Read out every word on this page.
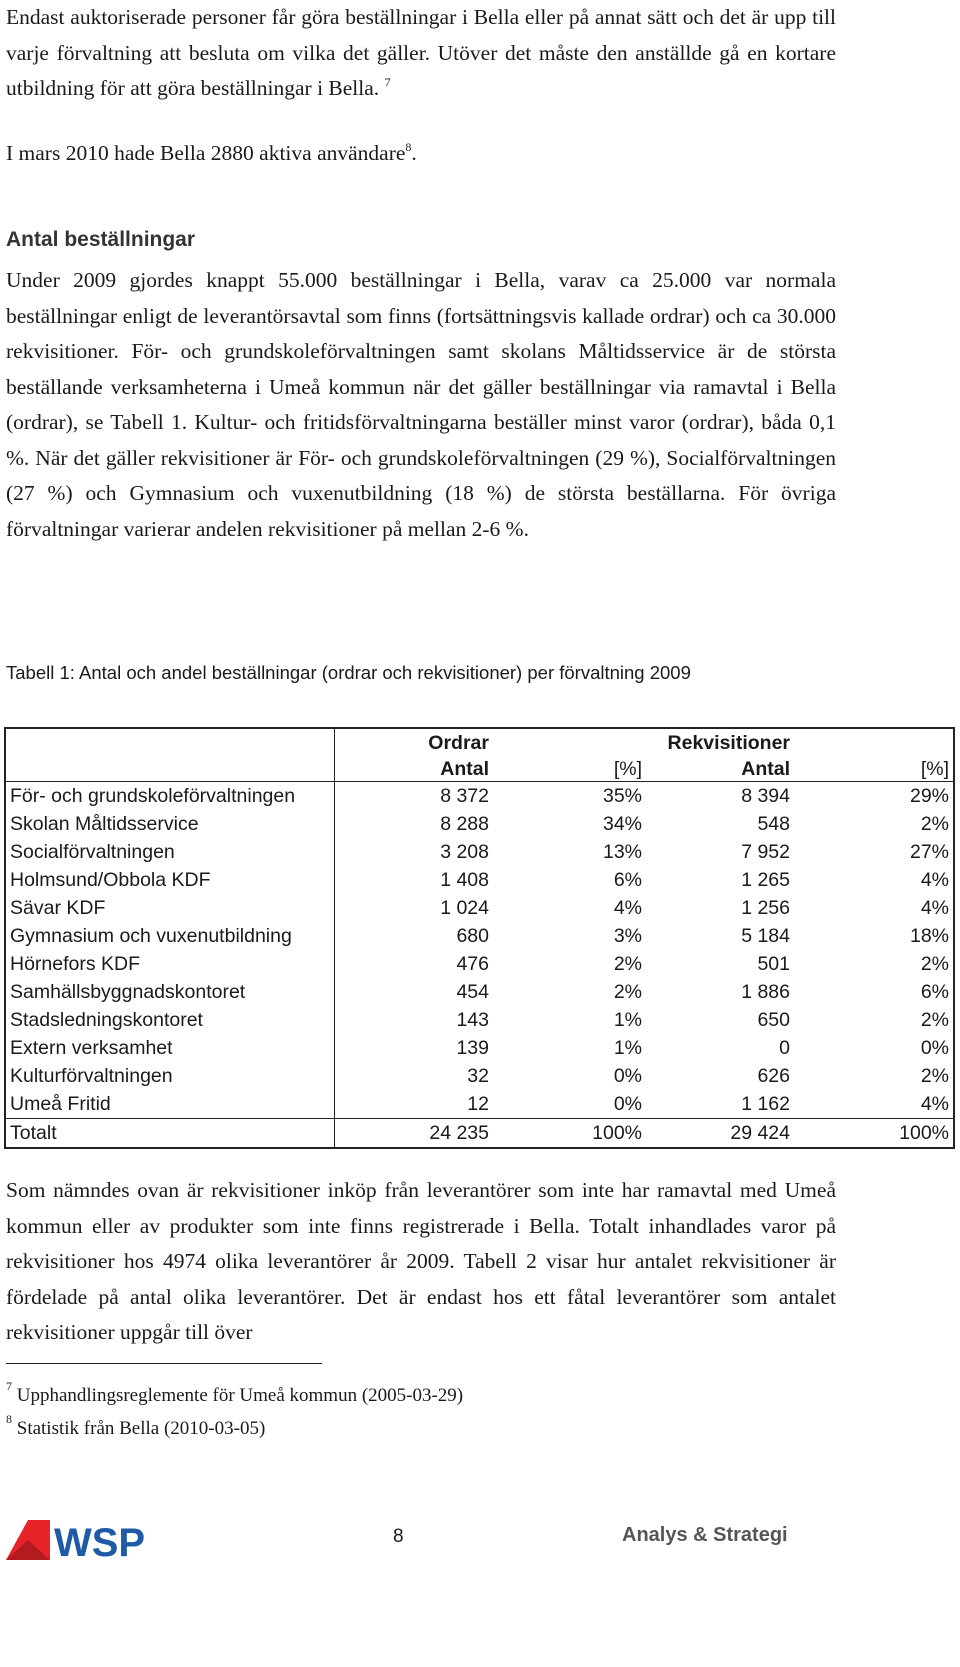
Endast auktoriserade personer får göra beställningar i Bella eller på annat sätt och det är upp till varje förvaltning att besluta om vilka det gäller. Utöver det måste den anställde gå en kortare utbildning för att göra beställningar i Bella. $^7$

I mars 2010 hade Bella 2880 aktiva användare$^8$.

Antal beställningar

Under 2009 gjordes knappt 55.000 beställningar i Bella, varav ca 25.000 var normala beställningar enligt de leverantörsavtal som finns (fortsättningsvis kallade ordrar) och ca 30.000 rekvisitioner. För- och grundskoleförvaltningen samt skolans Måltidsservice är de största beställande verksamheterna i Umeå kommun när det gäller beställningar via ramavtal i Bella (ordrar), se Tabell 1. Kultur- och fritidsförvaltningarna beställer minst varor (ordrar), båda 0,1 %. När det gäller rekvisitioner är För- och grundskoleförvaltningen (29 %), Socialförvaltningen (27 %) och Gymnasium och vuxenutbildning (18 %) de största beställarna. För övriga förvaltningar varierar andelen rekvisitioner på mellan 2-6 %.

Tabell 1: Antal och andel beställningar (ordrar och rekvisitioner) per förvaltning 2009
	Ordrar		Rekvisitioner	
	Antal	[%]	Antal	[%]
För- och grundskoleförvaltningen	8 372	35%	8 394	29%
Skolan Måltidsservice	8 288	34%	548	2%
Socialförvaltningen	3 208	13%	7 952	27%
Holmsund/Obbola KDF	1 408	6%	1 265	4%
Sävar KDF	1 024	4%	1 256	4%
Gymnasium och vuxenutbildning	680	3%	5 184	18%
Hörnefors KDF	476	2%	501	2%
Samhällsbyggnadskontoret	454	2%	1 886	6%
Stadsledningskontoret	143	1%	650	2%
Extern verksamhet	139	1%	0	0%
Kulturförvaltningen	32	0%	626	2%
Umeå Fritid	12	0%	1 162	4%
Totalt	24 235	100%	29 424	100%

Som nämndes ovan är rekvisitioner inköp från leverantörer som inte har ramavtal med Umeå kommun eller av produkter som inte finns registrerade i Bella. Totalt inhandlades varor på rekvisitioner hos 4974 olika leverantörer år 2009. Tabell 2 visar hur antalet rekvisitioner är fördelade på antal olika leverantörer. Det är endast hos ett fåtal leverantörer som antalet rekvisitioner uppgår till över

$^7$ Upphandlingsreglemente för Umeå kommun (2005-03-29)
$^8$ Statistik från Bella (2010-03-05)
WSP	8	Analys & Strategi
